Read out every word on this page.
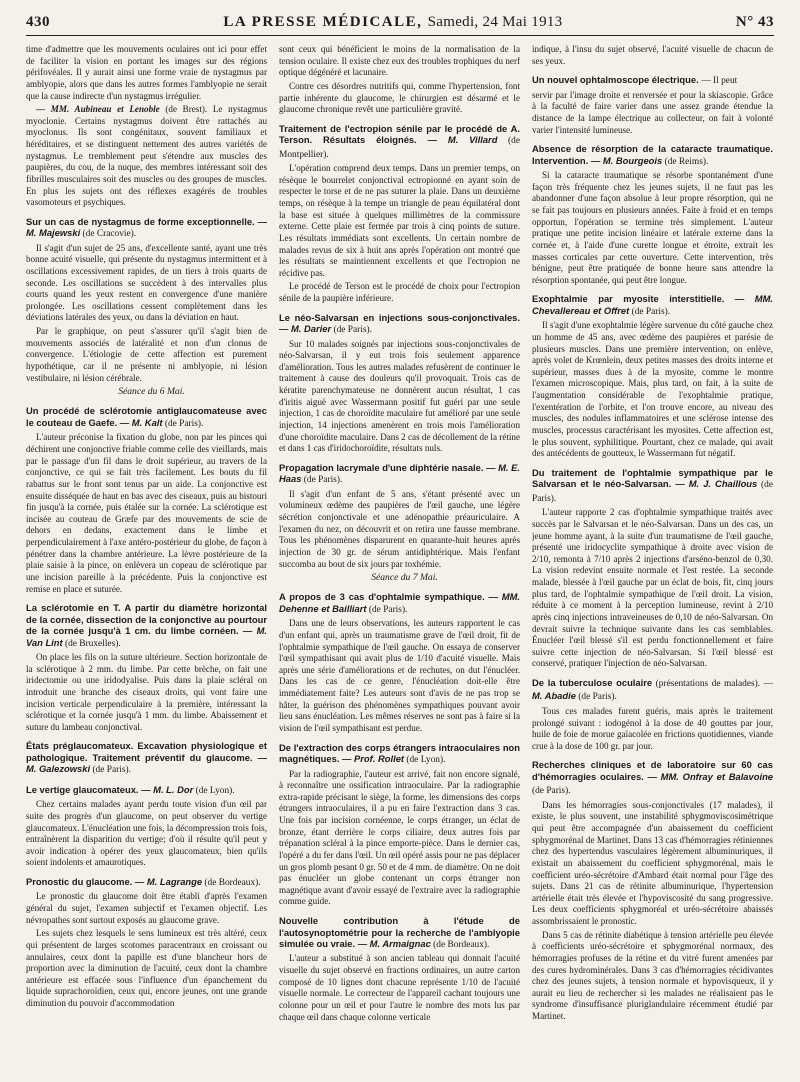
430	LA PRESSE MÉDICALE, Samedi, 24 Mai 1913	N° 43

time d'admettre que les mouvements oculaires ont ici pour effet de faciliter la vision en portant les images sur des régions périfovéales. Il y aurait ainsi une forme vraie de nystagmus par amblyopie, alors que dans les autres formes l'amblyopie ne serait que la cause indirecte d'un nystagmus irrégulier.

— MM. Aubineau et Lenoble (de Brest). Le nystagmus myoclonie. Certains nystagmus doivent être rattachés au myoclonus. Ils sont congénitaux, souvent familiaux et héréditaires, et se distinguent nettement des autres variétés de nystagmus. Le tremblement peut s'étendre aux muscles des paupières, du cou, de la nuque, des membres intéressant soit des fibrilles musculaires soit des muscles ou des groupes de muscles. En plus les sujets ont des réflexes exagérés de troubles vasomoteurs et psychiques.

Sur un cas de nystagmus de forme exceptionnelle. — M. Majewski (de Cracovie).

Il s'agit d'un sujet de 25 ans, d'excellente santé, ayant une très bonne acuité visuelle, qui présente du nystagmus intermittent et à oscillations excessivement rapides, de un tiers à trois quarts de seconde. Les oscillations se succèdent à des intervalles plus courts quand les yeux restent en convergence d'une manière prolongée. Les oscillations cessent complètement dans les déviations latérales des yeux, ou dans la déviation en haut.

Par le graphique, on peut s'assurer qu'il s'agit bien de mouvements associés de latéralité et non d'un clonus de convergence. L'étiologie de cette affection est purement hypothétique, car il ne présente ni amblyopie, ni lésion vestibulaire, ni lésion cérébrale.

Séance du 6 Mai.

Un procédé de sclérotomie antiglaucomateuse avec le couteau de Gaefe. — M. Kalt (de Paris).

L'auteur préconise la fixation du globe, non par les pinces qui déchirent une conjonctive friable comme celle des vieillards, mais par le passage d'un fil dans le droit supérieur, au travers de la conjonctive, ce qui se fait très facilement. Les bouts du fil rabattus sur le front sont tenus par un aide. La conjonctive est ensuite disséquée de haut en bas avec des ciseaux, puis au bistouri fin jusqu'à la cornée, puis étalée sur la cornée. La sclérotique est incisée au couteau de Græfe par des mouvements de scie de dehors en dedans, exactement dans le limbe et perpendiculairement à l'axe antéro-postérieur du globe, de façon à pénétrer dans la chambre antérieure. La lèvre postérieure de la plaie saisie à la pince, on enlèvera un copeau de sclérotique par une incision pareille à la précédente. Puis la conjonctive est remise en place et suturée.

La sclérotomie en T. A partir du diamètre horizontal de la cornée, dissection de la conjonctive au pourtour de la cornée jusqu'à 1 cm. du limbe cornéen. — M. Van Lint (de Bruxelles).

On place les fils on la suture ultérieure. Section horizontale de la sclérotique à 2 mm. du limbe. Par cette brèche, on fait une iridectomie ou une iridodyalise. Puis dans la plaie scléral on introduit une branche des ciseaux droits, qui vont faire une incision verticale perpendiculaire à la première, intéressant la sclérotique et la cornée jusqu'à 1 mm. du limbe. Abaissement et suture du lambeau conjonctival.

États préglaucomateux. Excavation physiologique et pathologique. Traitement préventif du glaucome. — M. Galezowski (de Paris).
Le vertige glaucomateux. — M. L. Dor (de Lyon).

Chez certains malades ayant perdu toute vision d'un œil par suite des progrès d'un glaucome, on peut observer du vertige glaucomateux. L'énucléation une fois, la décompression trois fois, entraînèrent la disparition du vertige; d'où il résulte qu'il peut y avoir indication à opérer des yeux glaucomateux, bien qu'ils soient indolents et amaurotiques.

Pronostic du glaucome. — M. Lagrange (de Bordeaux).

Le pronostic du glaucome doit être établi d'après l'examen général du sujet, l'examen subjectif et l'examen objectif. Les névropathes sont surtout exposés au glaucome grave.

Les sujets chez lesquels le sens lumineux est très altéré, ceux qui présentent de larges scotomes paracentraux en croissant ou annulaires, ceux dont la papille est d'une blancheur hors de proportion avec la diminution de l'acuité, ceux dont la chambre antérieure est effacée sous l'influence d'un épanchement du liquide suprachoroïdien, ceux qui, encore jeunes, ont une grande diminution du pouvoir d'accommodation

sont ceux qui bénéficient le moins de la normalisation de la tension oculaire. Il existe chez eux des troubles trophiques du nerf optique dégénéré et lacunaire.

Contre ces désordres nutritifs qui, comme l'hypertension, font partie inhérente du glaucome, le chirurgien est désarmé et le glaucome chronique revêt une particulière gravité.

Traitement de l'ectropion sénile par le procédé de A. Terson. Résultats éloignés. — M. Villard (de Montpellier).

L'opération comprend deux temps. Dans un premier temps, on résèque le bourrelet conjonctival ectropionné en ayant soin de respecter le torse et de ne pas suturer la plaie. Dans un deuxième temps, on résèque à la tempe un triangle de peau équilatéral dont la base est située à quelques millimètres de la commissure externe. Cette plaie est fermée par trois à cinq points de suture. Les résultats immédiats sont excellents. Un certain nombre de malades revus de six à huit ans après l'opération ont montré que les résultats se maintiennent excellents et que l'ectropion ne récidive pas.

Le procédé de Terson est le procédé de choix pour l'ectropion sénile de la paupière inférieure.

Le néo-Salvarsan en injections sous-conjonctivales. — M. Darier (de Paris).

Sur 10 malades soignés par injections sous-conjonctivales de néo-Salvarsan, il y eut trois fois seulement apparence d'amélioration. Tous les autres malades refusèrent de continuer le traitement à cause des douleurs qu'il provoquait. Trois cas de kératite parenchymateuse ne donnèrent aucun résultat, 1 cas d'iritis aiguë avec Wassermann positif fut guéri par une seule injection, 1 cas de choroïdite maculaire fut amélioré par une seule injection, 14 injections amenèrent en trois mois l'amélioration d'une choroïdite maculaire. Dans 2 cas de décollement de la rétine et dans 1 cas d'iridochoroïdite, résultats nuls.

Propagation lacrymale d'une diphtérie nasale. — M. E. Haas (de Paris).

Il s'agit d'un enfant de 5 ans, s'étant présenté avec un volumineux œdème des paupières de l'œil gauche, une légère sécrétion conjonctivale et une adénopathie préauriculaire. A l'examen du nez, on découvrit et on retira une fausse membrane. Tous les phénomènes disparurent en quarante-huit heures après injection de 30 gr. de sérum antidiphtérique. Mais l'enfant succomba au bout de six jours par toxhémie.

Séance du 7 Mai.

A propos de 3 cas d'ophtalmie sympathique. — MM. Dehenne et Bailliart (de Paris).

Dans une de leurs observations, les auteurs rapportent le cas d'un enfant qui, après un traumatisme grave de l'œil droit, fit de l'ophtalmie sympathique de l'œil gauche. On essaya de conserver l'œil sympathisant qui avait plus de 1/10 d'acuité visuelle. Mais après une série d'améliorations et de rechutes, on dut l'énucléer. Dans les cas de ce genre, l'énucléation doit-elle être immédiatement faite? Les auteurs sont d'avis de ne pas trop se hâter, la guérison des phénomènes sympathiques pouvant avoir lieu sans énucléation. Les mêmes réserves ne sont pas à faire si la vision de l'œil sympathisant est perdue.

De l'extraction des corps étrangers intraoculaires non magnétiques. — Prof. Rollet (de Lyon).

Par la radiographie, l'auteur est arrivé, fait non encore signalé, à reconnaître une ossification intraoculaire. Par la radiographie extra-rapide précisant le siège, la forme, les dimensions des corps étrangers intraoculaires, il a pu en faire l'extraction dans 3 cas. Une fois par incision cornéenne, le corps étranger, un éclat de bronze, étant derrière le corps ciliaire, deux autres fois par trépanation scléral à la pince emporte-pièce. Dans le dernier cas, l'opéré a du fer dans l'œil. Un œil opéré assis pour ne pas déplacer un gros plomb pesant 0 gr. 50 et de 4 mm. de diamètre. On ne doit pas énucléer un globe contenant un corps étranger non magnétique avant d'avoir essayé de l'extraire avec la radiographie comme guide.

Nouvelle contribution à l'étude de l'autosynoptométrie pour la recherche de l'amblyopie simulée ou vraie. — M. Armaignac (de Bordeaux).

L'auteur a substitué à son ancien tableau qui donnait l'acuité visuelle du sujet observé en fractions ordinaires, un autre carton composé de 10 lignes dont chacune représente 1/10 de l'acuité visuelle normale. Le correcteur de l'appareil cachant toujours une colonne pour un œil et pour l'autre le nombre des mots lus par chaque œil dans chaque colonne verticale

indique, à l'insu du sujet observé, l'acuité visuelle de chacun de ses yeux.

Un nouvel ophtalmoscope électrique. — Il peut

servir par l'image droite et renversée et pour la skiascopie. Grâce à la faculté de faire varier dans une assez grande étendue la distance de la lampe électrique au collecteur, on fait à volonté varier l'intensité lumineuse.

Absence de résorption de la cataracte traumatique. Intervention. — M. Bourgeois (de Reims).

Si la cataracte traumatique se résorbe spontanément d'une façon très fréquente chez les jeunes sujets, il ne faut pas les abandonner d'une façon absolue à leur propre résorption, qui ne se fait pas toujours en plusieurs années. Faite à froid et en temps opportun, l'opération se termine très simplement. L'auteur pratique une petite incision linéaire et latérale externe dans la cornée et, à l'aide d'une curette longue et étroite, extrait les masses corticales par cette ouverture. Cette intervention, très bénigne, peut être pratiquée de bonne heure sans attendre la résorption spontanée, qui peut être longue.

Exophtalmie par myosite interstitielle. — MM. Chevallereau et Offret (de Paris).

Il s'agit d'une exophtalmie légère survenue du côté gauche chez un homme de 45 ans, avec œdème des paupières et parésie de plusieurs muscles. Dans une première intervention, on enlève, après volet de Krœnlein, deux petites masses des droits interne et supérieur, masses dues à de la myosite, comme le montre l'examen microscopique. Mais, plus tard, on fait, à la suite de l'augmentation considérable de l'exophtalmie pratique, l'exentération de l'orbite, et l'on trouve encore, au niveau des muscles, des nodules inflammatoires et une sclérose intense des muscles, processus caractérisant les myosites. Cette affection est, le plus souvent, syphilitique. Pourtant, chez ce malade, qui avait des antécédents de goutteux, le Wassermann fut négatif.

Du traitement de l'ophtalmie sympathique par le Salvarsan et le néo-Salvarsan. — M. J. Chaillous (de Paris).

L'auteur rapporte 2 cas d'ophtalmie sympathique traités avec succès par le Salvarsan et le néo-Salvarsan. Dans un des cas, un jeune homme ayant, à la suite d'un traumatisme de l'œil gauche, présenté une iridocyclite sympathique à droite avec vision de 2/10, remonta à 7/10 après 2 injections d'arséno-benzol de 0,30. La vision redevint ensuite normale et l'est restée. La seconde malade, blessée à l'œil gauche par un éclat de bois, fit, cinq jours plus tard, de l'ophtalmie sympathique de l'œil droit. La vision, réduite à ce moment à la perception lumineuse, revint à 2/10 après cinq injections intraveineuses de 0,10 de néo-Salvarsan. On devrait suivre la technique suivante dans les cas semblables. Énucléer l'œil blessé s'il est perdu fonctionnellement et faire suivre cette injection de néo-Salvarsan. Si l'œil blessé est conservé, pratiquer l'injection de néo-Salvarsan.

De la tuberculose oculaire (présentations de malades). — M. Abadie (de Paris).

Tous ces malades furent guéris, mais après le traitement prolongé suivant : iodogénol à la dose de 40 gouttes par jour, huile de foie de morue gaïacolée en frictions quotidiennes, viande crue à la dose de 100 gr. par jour.

Recherches cliniques et de laboratoire sur 60 cas d'hémorragies oculaires. — MM. Onfray et Balavoine (de Paris).

Dans les hémorragies sous-conjonctivales (17 malades), il existe, le plus souvent, une instabilité sphygmoviscosimétrique qui peut être accompagnée d'un abaissement du coefficient sphygmorénal de Martinet. Dans 13 cas d'hémorragies rétiniennes chez des hypertendus vasculaires légèrement albuminuriques, il existait un abaissement du coefficient sphygmorénal, mais le coefficient uréo-sécrétoire d'Ambard était normal pour l'âge des sujets. Dans 21 cas de rétinite albuminurique, l'hypertension artérielle était très élevée et l'hypoviscosité du sang progressive. Les deux coefficients sphygmoréal et uréo-sécrétoire abaissés assombrissaient le pronostic.

Dans 5 cas de rétinite diabétique à tension artérielle peu élevée à coefficients uréo-sécrétoire et sphygmorénal normaux, des hémorragies profuses de la rétine et du vitré furent amenées par des cures hydrominérales. Dans 3 cas d'hémorragies récidivantes chez des jeunes sujets, à tension normale et hypovisqueux, il y aurait eu lieu de rechercher si les malades ne réalisaient pas le syndrome d'insuffisance pluriglandulaire récemment étudié par Martinet.
